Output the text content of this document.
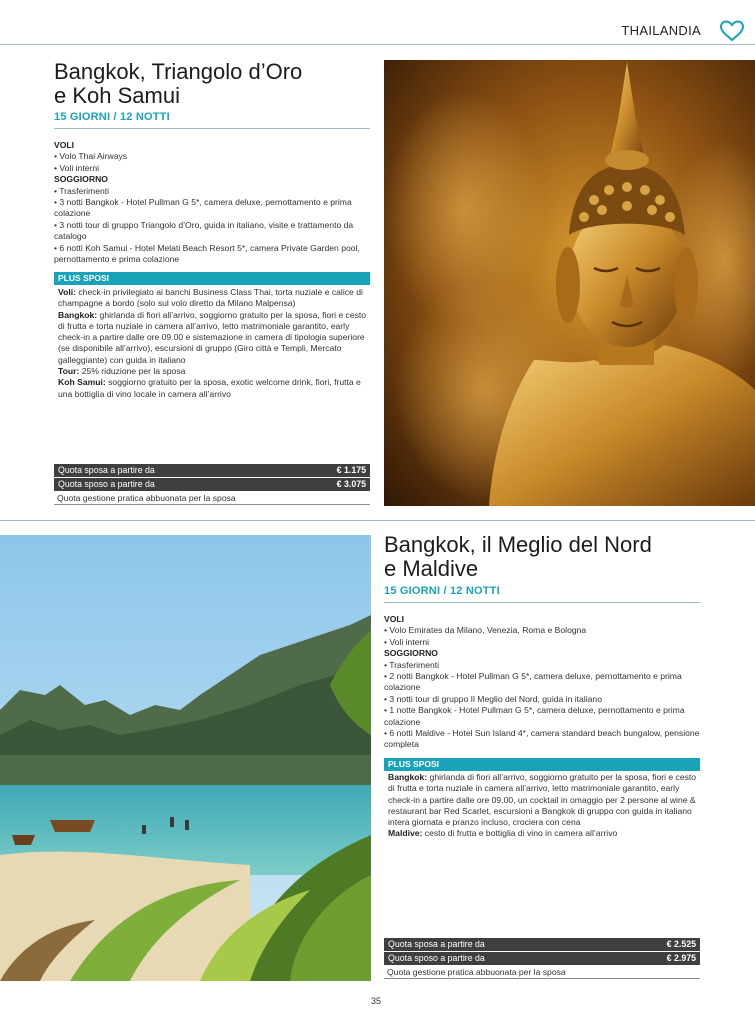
THAILANDIA
Bangkok, Triangolo d’Oro
e Koh Samui
15 GIORNI / 12 NOTTI
VOLI
• Volo Thai Airways
• Voli interni
SOGGIORNO
• Trasferimenti
• 3 notti Bangkok - Hotel Pullman G 5*, camera deluxe, pernottamento e prima colazione
• 3 notti tour di gruppo Triangolo d’Oro, guida in italiano, visite e trattamento da catalogo
• 6 notti Koh Samui - Hotel Melati Beach Resort 5*, camera Private Garden pool, pernottamento e prima colazione
PLUS SPOSI
Voli: check-in privilegiato ai banchi Business Class Thai, torta nuziale e calice di champagne a bordo (solo sul volo diretto da Milano Malpensa)
Bangkok: ghirlanda di fiori all’arrivo, soggiorno gratuito per la sposa, fiori e cesto di frutta e torta nuziale in camera all’arrivo, letto matrimoniale garantito, early check-in a partire dalle ore 09.00 e sistemazione in camera di tipologia superiore (se disponibile all’arrivo), escursioni di gruppo (Giro città e Templi, Mercato galleggiante) con guida in italiano
Tour: 25% riduzione per la sposa
Koh Samui: soggiorno gratuito per la sposa, exotic welcome drink, fiori, frutta e una bottiglia di vino locale in camera all’arrivo
Quota sposa a partire da	€ 1.175
Quota sposo a partire da	€ 3.075
Quota gestione pratica abbuonata per la sposa
Bangkok, il Meglio del Nord
e Maldive
15 GIORNI / 12 NOTTI
VOLI
• Volo Emirates da Milano, Venezia, Roma e Bologna
• Voli interni
SOGGIORNO
• Trasferimenti
• 2 notti Bangkok - Hotel Pullman G 5*, camera deluxe, pernottamento e prima colazione
• 3 notti tour di gruppo Il Meglio del Nord, guida in italiano
• 1 notte Bangkok - Hotel Pullman G 5*, camera deluxe, pernottamento e prima colazione
• 6 notti Maldive - Hotel Sun Island 4*, camera standard beach bungalow, pensione completa
PLUS SPOSI
Bangkok: ghirlanda di fiori all’arrivo, soggiorno gratuito per la sposa, fiori e cesto di frutta e torta nuziale in camera all’arrivo, letto matrimoniale garantito, early check-in a partire dalle ore 09.00, un cocktail in omaggio per 2 persone al wine & restaurant bar Red Scarlet, escursioni a Bangkok di gruppo con guida in italiano intera giornata e pranzo incluso, crociera con cena
Maldive: cesto di frutta e bottiglia di vino in camera all’arrivo
Quota sposa a partire da	€ 2.525
Quota sposo a partire da	€ 2.975
Quota gestione pratica abbuonata per la sposa
35
